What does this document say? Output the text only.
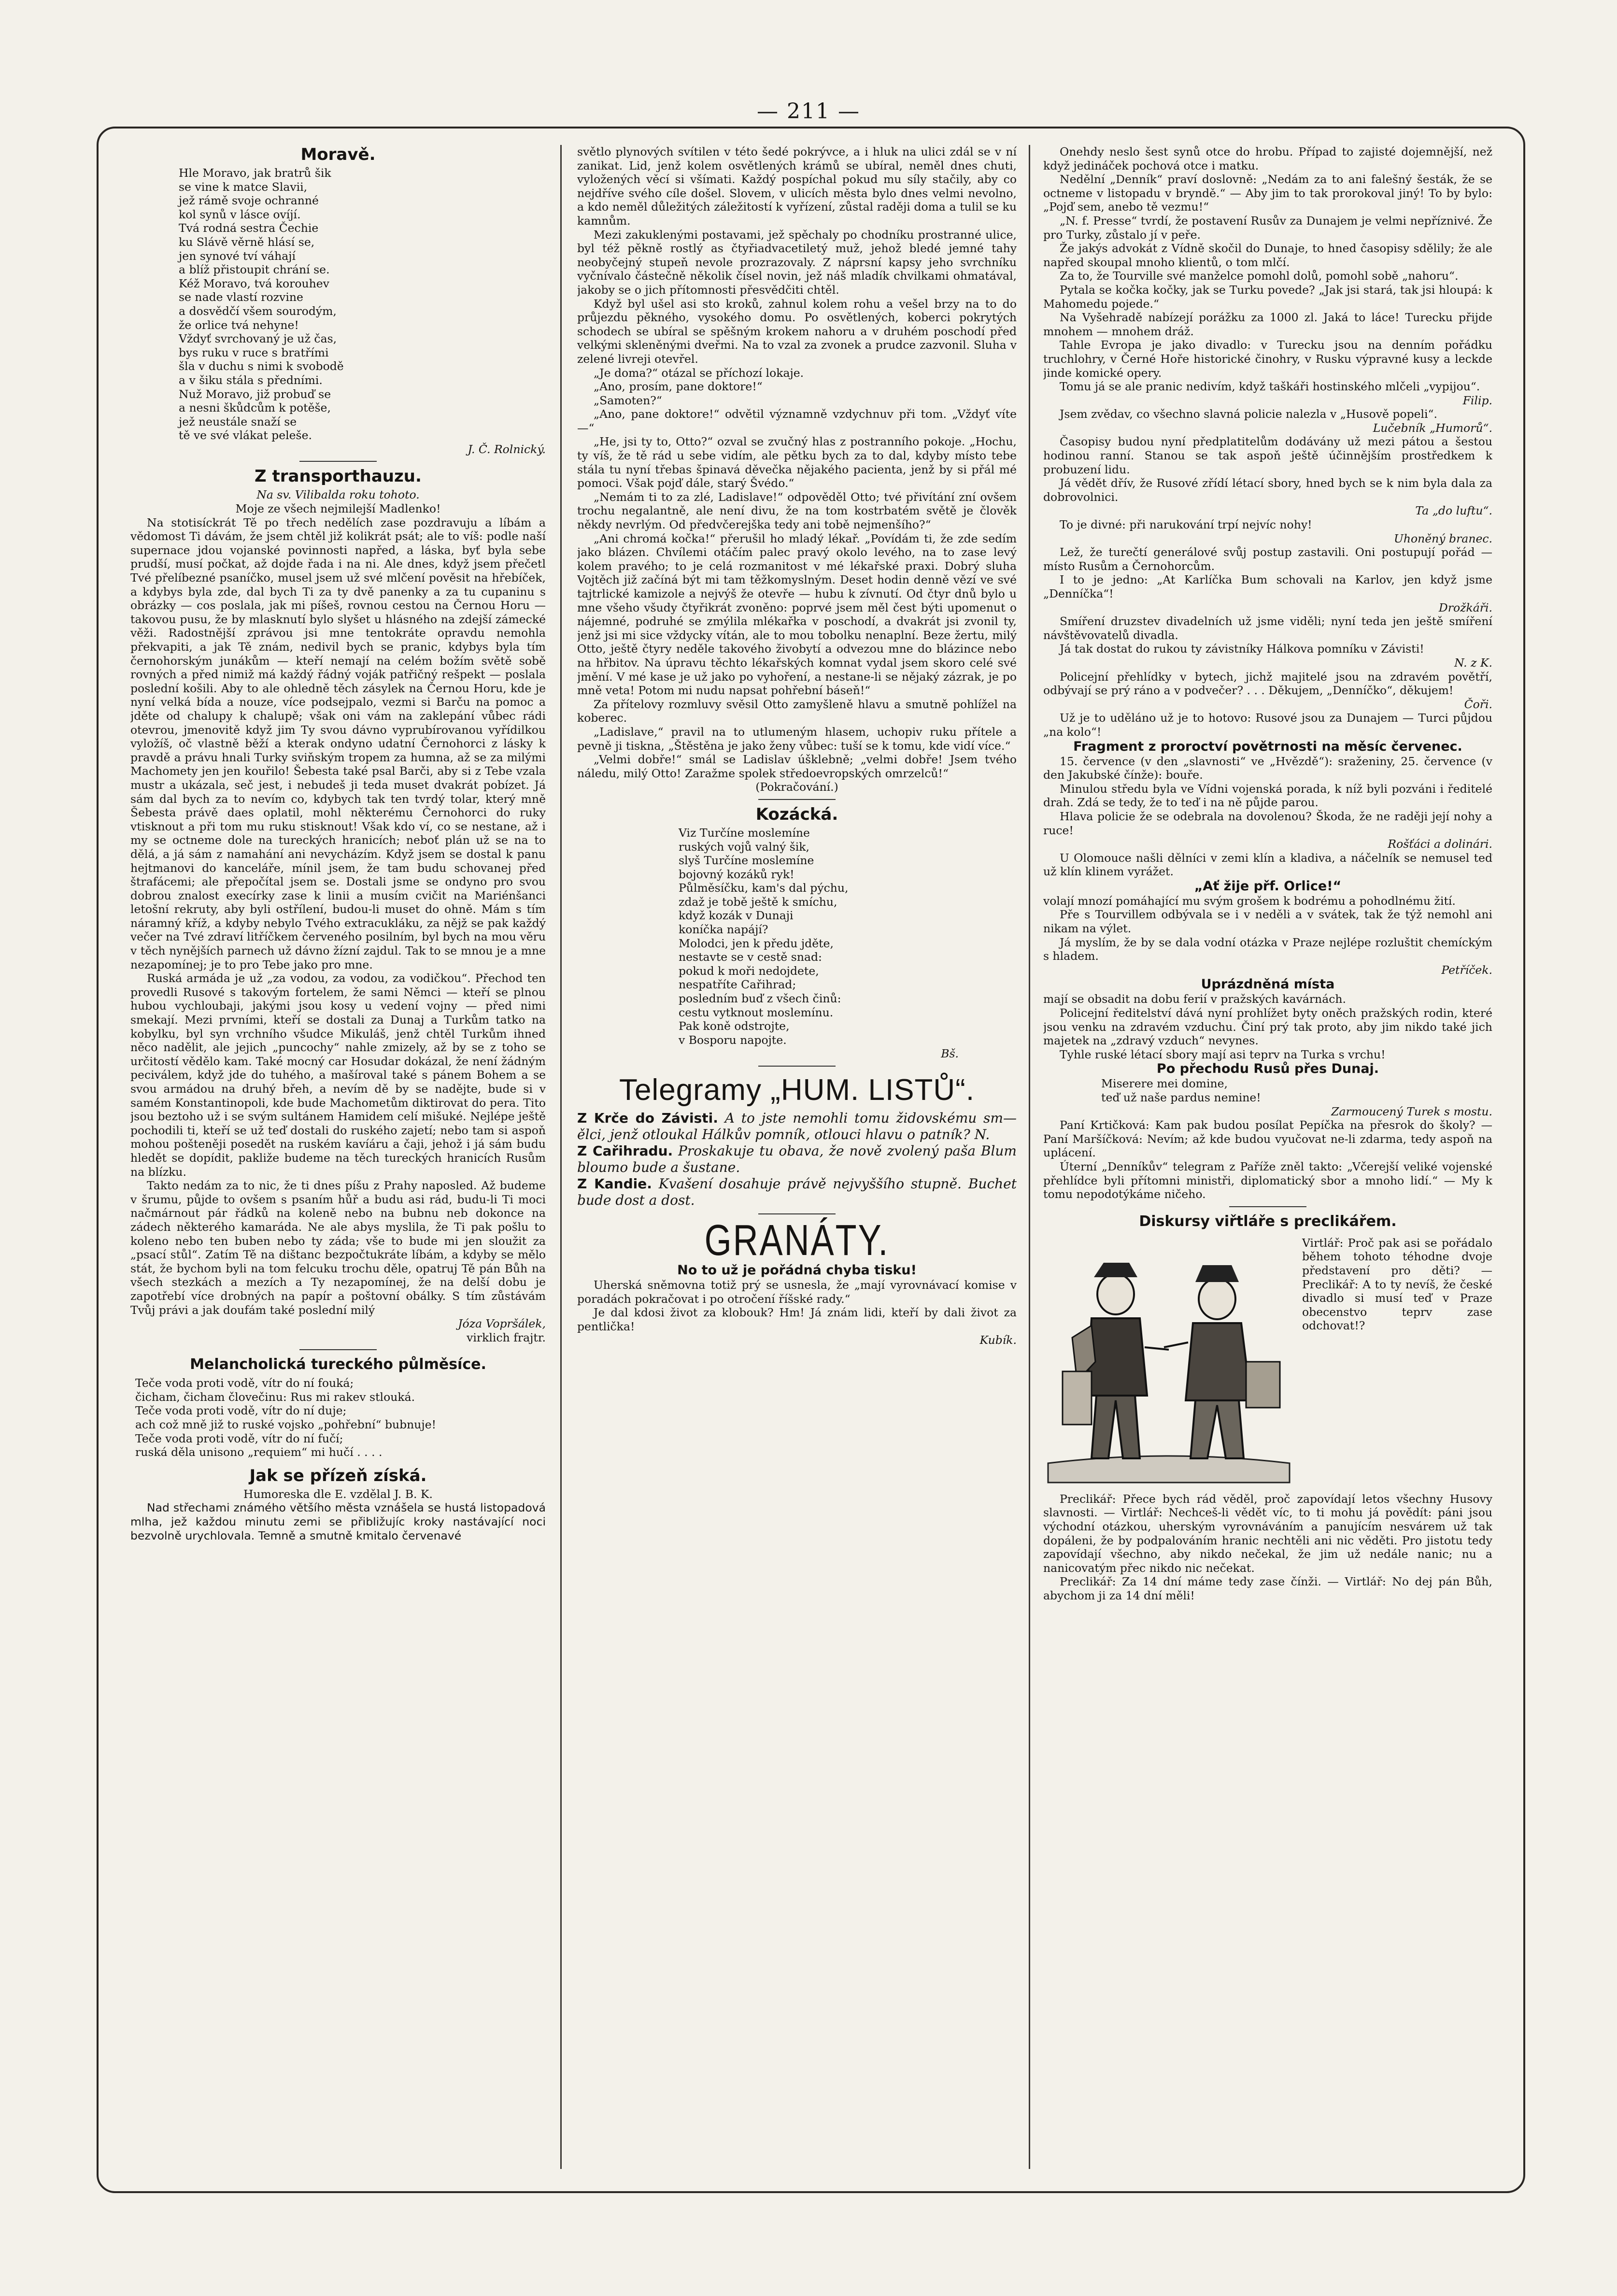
— 211 —
Moravě.
Hle Moravo, jak bratrů šik
se vine k matce Slavii,
jež rámě svoje ochranné
kol synů v lásce ovíjí.
Tvá rodná sestra Čechie
ku Slávě věrně hlásí se,
jen synové tví váhají
a blíž přistoupit chrání se.
Kéž Moravo, tvá korouhev
se nade vlastí rozvine
a dosvědčí všem sourodým,
že orlice tvá nehyne!
Vždyť svrchovaný je už čas,
bys ruku v ruce s bratřími
šla v duchu s nimi k svobodě
a v šiku stála s předními.
Nuž Moravo, již probuď se
a nesni škůdcům k potěše,
jež neustále snaží se
tě ve své vlákat peleše.
J. Č. Rolnický.
Z transporthauzu.
Na sv. Vilibalda roku tohoto.

Moje ze všech nejmilejší Madlenko!

Na stotisíckrát Tě po třech nedělích zase pozdravuju a líbám a vědomost Ti dávám, že jsem chtěl již kolikrát psát; ale to víš: podle naší supernace jdou vojanské povinnosti napřed, a láska, byť byla sebe prudší, musí počkat, až dojde řada i na ni. Ale dnes, když jsem přečetl Tvé přelíbezné psaníčko, musel jsem už své mlčení pověsit na hřebíček, a kdybys byla zde, dal bych Ti za ty dvě panenky a za tu cupaninu s obrázky — cos poslala, jak mi píšeš, rovnou cestou na Černou Horu — takovou pusu, že by mlasknutí bylo slyšet u hlásného na zdejší zámecké věži. Radostnější zprávou jsi mne tentokráte opravdu nemohla překvapiti, a jak Tě znám, nedivil bych se pranic, kdybys byla tím černohorským junákům — kteří nemají na celém božím světě sobě rovných a před nimiž má každý řádný voják patřičný rešpekt — poslala poslední košili. Aby to ale ohledně těch zásylek na Černou Horu, kde je nyní velká bída a nouze, více podsejpalo, vezmi si Barču na pomoc a jděte od chalupy k chalupě; však oni vám na zaklepání vůbec rádi otevrou, jmenovitě když jim Ty svou dávno vyprubírovanou vyřídilkou vyložíš, oč vlastně běží a kterak ondyno udatní Černohorci z lásky k pravdě a právu hnali Turky sviňským tropem za humna, až se za milými Machomety jen jen kouřilo! Šebesta také psal Barči, aby si z Tebe vzala mustr a ukázala, seč jest, i nebudeš ji teda muset dvakrát pobízet. Já sám dal bych za to nevím co, kdybych tak ten tvrdý tolar, který mně Šebesta právě daes oplatil, mohl některému Černohorci do ruky vtisknout a při tom mu ruku stisknout! Však kdo ví, co se nestane, až i my se octneme dole na tureckých hranicích; neboť plán už se na to dělá, a já sám z namahání ani nevycházím. Když jsem se dostal k panu hejtmanovi do kanceláře, mínil jsem, že tam budu schovanej před štrafácemi; ale přepočítal jsem se. Dostali jsme se ondyno pro svou dobrou znalost execírky zase k linii a musím cvičit na Mariénšanci letošní rekruty, aby byli ostřílení, budou-li muset do ohně. Mám s tím náramný kříž, a kdyby nebylo Tvého extracukláku, za nějž se pak každý večer na Tvé zdraví litříčkem červeného posilním, byl bych na mou věru v těch nynějších parnech už dávno žízní zajdul. Tak to se mnou je a mne nezapomínej; je to pro Tebe jako pro mne.

Ruská armáda je už „za vodou, za vodou, za vodičkou“. Přechod ten provedli Rusové s takovým fortelem, že sami Němci — kteří se plnou hubou vychloubaji, jakými jsou kosy u vedení vojny — před nimi smekají. Mezi prvními, kteří se dostali za Dunaj a Turkům tatko na kobylku, byl syn vrchního všudce Mikuláš, jenž chtěl Turkům ihned něco nadělit, ale jejich „puncochy“ nahle zmizely, až by se z toho se určitostí vědělo kam. Také mocný car Hosudar dokázal, že není žádným peciválem, když jde do tuhého, a mašíroval také s pánem Bohem a se svou armádou na druhý břeh, a nevím dě by se nadějte, bude si v samém Konstantinopoli, kde bude Machometům diktirovat do pera. Tito jsou beztoho už i se svým sultánem Hamidem celí mišuké. Nejlépe ještě pochodili ti, kteří se už teď dostali do ruského zajetí; nebo tam si aspoň mohou pošteněji posedět na ruském kavíáru a čaji, jehož i já sám budu hledět se dopídit, pakliže budeme na těch tureckých hranicích Rusům na blízku.

Takto nedám za to nic, že ti dnes píšu z Prahy naposled. Až budeme v šrumu, půjde to ovšem s psaním hůř a budu asi rád, budu-li Ti moci načmárnout pár řádků na koleně nebo na bubnu neb dokonce na zádech některého kamaráda. Ne ale abys myslila, že Ti pak pošlu to koleno nebo ten buben nebo ty záda; vše to bude mi jen sloužit za „psací stůl“. Zatím Tě na dištanc bezpočtukráte líbám, a kdyby se mělo stát, že bychom byli na tom felcuku trochu děle, opatruj Tě pán Bůh na všech stezkách a mezích a Ty nezapomínej, že na delší dobu je zapotřebí více drobných na papír a poštovní obálky. S tím zůstávám Tvůj právi a jak doufám také poslední milý

Józa Vopršálek,
virklich frajtr.
Melancholická tureckého půlměsíce.
Teče voda proti vodě, vítr do ní fouká;
čicham, čicham človečinu: Rus mi rakev stlouká.
Teče voda proti vodě, vítr do ní duje;
ach což mně již to ruské vojsko „pohřební“ bubnuje!
Teče voda proti vodě, vítr do ní fučí;
ruská děla unisono „requiem“ mi hučí . . . .
Jak se přízeň získá.
Humoreska dle E. vzdělal J. B. K.

Nad střechami známého většího města vznášela se hustá listopadová mlha, jež každou minutu zemi se přibližujíc kroky nastávající noci bezvolně urychlovala. Temně a smutně kmitalo červenavé

světlo plynových svítilen v této šedé pokrývce, a i hluk na ulici zdál se v ní zanikat. Lid, jenž kolem osvětlených krámů se ubíral, neměl dnes chuti, vyložených věcí si všímati. Každý pospíchal pokud mu síly stačily, aby co nejdříve svého cíle došel. Slovem, v ulicích města bylo dnes velmi nevolno, a kdo neměl důležitých záležitostí k vyřízení, zůstal raději doma a tulil se ku kamnům.

Mezi zakuklenými postavami, jež spěchaly po chodníku prostranné ulice, byl též pěkně rostlý as čtyřiadvacetiletý muž, jehož bledé jemné tahy neobyčejný stupeň nevole prozrazovaly. Z náprsní kapsy jeho svrchníku vyčnívalo částečně několik čísel novin, jež náš mladík chvilkami ohmatával, jakoby se o jich přítomnosti přesvědčiti chtěl.

Když byl ušel asi sto kroků, zahnul kolem rohu a vešel brzy na to do průjezdu pěkného, vysokého domu. Po osvětlených, koberci pokrytých schodech se ubíral se spěšným krokem nahoru a v druhém poschodí před velkými skleněnými dveřmi. Na to vzal za zvonek a prudce zazvonil. Sluha v zelené livreji otevřel.

„Je doma?“ otázal se příchozí lokaje.

„Ano, prosím, pane doktore!“

„Samoten?“

„Ano, pane doktore!“ odvětil významně vzdychnuv při tom. „Vždyť víte —“

„He, jsi ty to, Otto?“ ozval se zvučný hlas z postranního pokoje. „Hochu, ty víš, že tě rád u sebe vidím, ale pětku bych za to dal, kdyby místo tebe stála tu nyní třebas špinavá děvečka nějakého pacienta, jenž by si přál mé pomoci. Však pojď dále, starý Švédo.“

„Nemám ti to za zlé, Ladislave!“ odpověděl Otto; tvé přivítání zní ovšem trochu negalantně, ale není divu, že na tom kostrbatém světě je člověk někdy nevrlým. Od předvčerejška tedy ani tobě nejmenšího?“

„Ani chromá kočka!“ přerušil ho mladý lékař. „Povídám ti, že zde sedím jako blázen. Chvílemi otáčím palec pravý okolo levého, na to zase levý kolem pravého; to je celá rozmanitost v mé lékařské praxi. Dobrý sluha Vojtěch již začíná být mi tam těžkomyslným. Deset hodin denně vězí ve své tajtrlické kamizole a nejvýš že otevře — hubu k zívnutí. Od čtyr dnů bylo u mne všeho všudy čtyřikrát zvoněno: poprvé jsem měl čest býti upomenut o nájemné, podruhé se zmýlila mlékařka v poschodí, a dvakrát jsi zvonil ty, jenž jsi mi sice vždycky vítán, ale to mou tobolku nenaplní. Beze žertu, milý Otto, ještě čtyry neděle takového živobytí a odvezou mne do blázince nebo na hřbitov. Na úpravu těchto lékařských komnat vydal jsem skoro celé své jmění. V mé kase je už jako po vyhoření, a nestane-li se nějaký zázrak, je po mně veta! Potom mi nudu napsat pohřební báseň!“

Za přítelovy rozmluvy svěsil Otto zamyšleně hlavu a smutně pohlížel na koberec.

„Ladislave,“ pravil na to utlumeným hlasem, uchopiv ruku přítele a pevně ji tiskna, „Štěstěna je jako ženy vůbec: tuší se k tomu, kde vidí více.“

„Velmi dobře!“ smál se Ladislav úšklebně; „velmi dobře! Jsem tvého náledu, milý Otto! Zaražme spolek středoevropských omrzelců!“

(Pokračování.)
Kozácká.
Viz Turčíne moslemíne
ruských vojů valný šik,
slyš Turčíne moslemíne
bojovný kozáků ryk!
Půlměsíčku, kam's dal pýchu,
zdaž je tobě ještě k smíchu,
když kozák v Dunaji
koníčka napájí?
Molodci, jen k předu jděte,
nestavte se v cestě snad:
pokud k moři nedojdete,
nespatříte Cařihrad;
posledním buď z všech činů:
cestu vytknout moslemínu.
Pak koně odstrojte,
v Bosporu napojte.
Bš.
Telegramy „HUM. LISTŮ“.

Z Krče do Závisti. A to jste nemohli tomu židovskému sm—ělci, jenž otloukal Hálkův pomník, otlouci hlavu o patník? N.

Z Cařihradu. Proskakuje tu obava, že nově zvolený paša Blum bloumo bude a šustane.

Z Kandie. Kvašení dosahuje právě nejvyššího stupně. Buchet bude dost a dost.

GRANÁTY.
No to už je pořádná chyba tisku!

Uherská sněmovna totiž prý se usnesla, že „mají vyrovnávací komise v poradách pokračovat i po otročení říšské rady.“

Je dal kdosi život za klobouk? Hm! Já znám lidi, kteří by dali život za pentlička!

Kubík.

Onehdy neslo šest synů otce do hrobu. Případ to zajisté dojemnější, než když jedináček pochová otce i matku.

Nedělní „Denník“ praví doslovně: „Nedám za to ani falešný šesták, že se octneme v listopadu v bryndě.“ — Aby jim to tak prorokoval jiný! To by bylo: „Pojď sem, anebo tě vezmu!“

„N. f. Presse“ tvrdí, že postavení Rusův za Dunajem je velmi nepříznivé. Že pro Turky, zůstalo jí v peře.

Že jakýs advokát z Vídně skočil do Dunaje, to hned časopisy sdělily; že ale napřed skoupal mnoho klientů, o tom mlčí.

Za to, že Tourville své manželce pomohl dolů, pomohl sobě „nahoru“.

Pytala se kočka kočky, jak se Turku povede? „Jak jsi stará, tak jsi hloupá: k Mahomedu pojede.“

Na Vyšehradě nabízejí porážku za 1000 zl. Jaká to láce! Turecku přijde mnohem — mnohem dráž.

Tahle Evropa je jako divadlo: v Turecku jsou na denním pořádku truchlohry, v Černé Hoře historické činohry, v Rusku výpravné kusy a leckde jinde komické opery.

Tomu já se ale pranic nedivím, když taškáři hostinského mlčeli „vypijou“.

Filip.

Jsem zvědav, co všechno slavná policie nalezla v „Husově popeli“.

Lučebník „Humorů“.

Časopisy budou nyní předplatitelům dodávány už mezi pátou a šestou hodinou ranní. Stanou se tak aspoň ještě účinnějším prostředkem k probuzení lidu.

Já vědět dřív, že Rusové zřídí létací sbory, hned bych se k nim byla dala za dobrovolnici.

Ta „do luftu“.

To je divné: při narukování trpí nejvíc nohy!

Uhoněný branec.

Lež, že turečtí generálové svůj postup zastavili. Oni postupují pořád — místo Rusům a Černohorcům.

I to je jedno: „At Karlíčka Bum schovali na Karlov, jen když jsme „Denníčka“!

Drožkáři.

Smíření druzstev divadelních už jsme viděli; nyní teda jen ještě smíření návštěvovatelů divadla.

Já tak dostat do rukou ty závistníky Hálkova pomníku v Závisti!

N. z K.

Policejní přehlídky v bytech, jichž majitelé jsou na zdravém povětří, odbývají se prý ráno a v podvečer? . . . Děkujem, „Denníčko“, děkujem!

Čoři.

Už je to uděláno už je to hotovo: Rusové jsou za Dunajem — Turci půjdou „na kolo“!

Fragment z proroctví povětrnosti na měsíc červenec.

15. července (v den „slavnosti“ ve „Hvězdě“): sraženiny, 25. července (v den Jakubské čínže): bouře.

Minulou středu byla ve Vídni vojenská porada, k níž byli pozváni i ředitelé drah. Zdá se tedy, že to teď i na ně půjde parou.

Hlava policie že se odebrala na dovolenou? Škoda, že ne raději její nohy a ruce!

Rošťáci a dolinári.

U Olomouce našli dělníci v zemi klín a kladiva, a náčelník se nemusel teď už klín klinem vyrážet.

„Ať žije přf. Orlice!“

volají mnozí pomáhající mu svým grošem k bodrému a pohodlnému žití.

Pře s Tourvillem odbývala se i v neděli a v svátek, tak že týž nemohl ani nikam na výlet.

Já myslím, že by se dala vodní otázka v Praze nejlépe rozluštit chemíckým s hladem.

Petříček.
Uprázdněná místa

mají se obsadit na dobu ferií v pražských kavárnách.

Policejní ředitelství dává nyní prohlížet byty oněch pražských rodin, které jsou venku na zdravém vzduchu. Činí prý tak proto, aby jim nikdo také jich majetek na „zdravý vzduch“ nevynes.

Tyhle ruské létací sbory mají asi teprv na Turka s vrchu!

Po přechodu Rusů přes Dunaj.
Miserere mei domine,
teď už naše pardus nemine!
Zarmoucený Turek s mostu.

Paní Krtičková: Kam pak budou posílat Pepíčka na přesrok do školy? — Paní Maršíčková: Nevím; až kde budou vyučovat ne-li zdarma, tedy aspoň na uplácení.

Úterní „Denníkův“ telegram z Paříže zněl takto: „Včerejší veliké vojenské přehlídce byli přítomni ministři, diplomatický sbor a mnoho lidí.“ — My k tomu nepodotýkáme ničeho.

Diskursy viřtláře s preclikářem.
Virtlář: Proč pak asi se pořádalo během tohoto téhodne dvoje představení pro děti? — Preclikář: A to ty nevíš, že české divadlo si musí teď v Praze obecenstvo teprv zase odchovat!?

Preclikář: Přece bych rád věděl, proč zapovídají letos všechny Husovy slavnosti. — Virtlář: Nechceš-li vědět víc, to ti mohu já povědít: páni jsou východní otázkou, uherským vyrovnáváním a panujícím nesvárem už tak dopáleni, že by podpalováním hranic nechtěli ani nic věděti. Pro jistotu tedy zapovídají všechno, aby nikdo nečekal, že jim už nedále nanic; nu a nanicovatým přec nikdo nic nečekat.

Preclikář: Za 14 dní máme tedy zase čínži. — Virtlář: No dej pán Bůh, abychom ji za 14 dní měli!
